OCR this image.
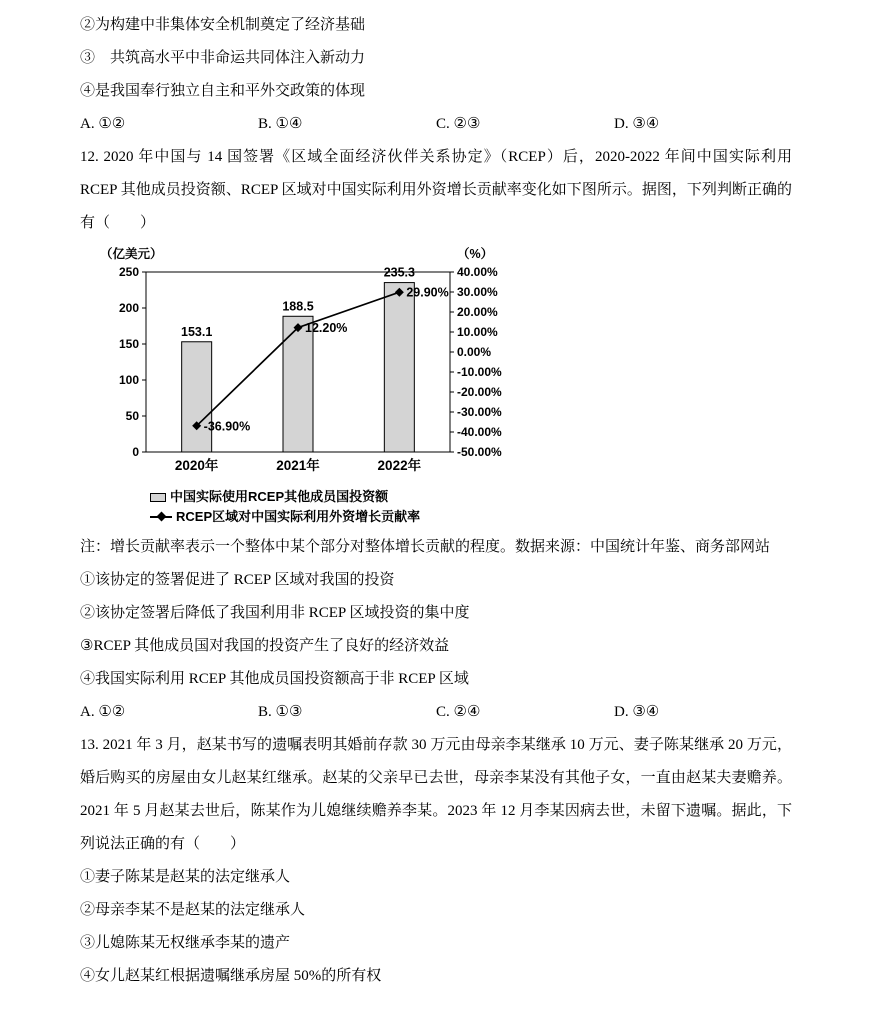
②为构建中非集体安全机制奠定了经济基础

③　共筑高水平中非命运共同体注入新动力

④是我国奉行独立自主和平外交政策的体现

A. ①②	B. ①④	C. ②③	D. ③④

12. 2020 年中国与 14 国签署《区域全面经济伙伴关系协定》（RCEP）后，2020-2022 年间中国实际利用 RCEP 其他成员投资额、RCEP 区域对中国实际利用外资增长贡献率变化如下图所示。据图，下列判断正确的有（　　）

0
50
100
150
200
250
-50.00%
-40.00%
-30.00%
-20.00%
-10.00%
0.00%
10.00%
20.00%
30.00%
40.00%
（亿美元）	（%）
153.1
188.5
235.3
-36.90%
12.20%
29.90%
2020年	2021年	2022年
中国实际使用RCEP其他成员国投资额
RCEP区域对中国实际利用外资增长贡献率

注：增长贡献率表示一个整体中某个部分对整体增长贡献的程度。数据来源：中国统计年鉴、商务部网站

①该协定的签署促进了 RCEP 区域对我国的投资

②该协定签署后降低了我国利用非 RCEP 区域投资的集中度

③RCEP 其他成员国对我国的投资产生了良好的经济效益

④我国实际利用 RCEP 其他成员国投资额高于非 RCEP 区域

A. ①②	B. ①③	C. ②④	D. ③④

13. 2021 年 3 月，赵某书写的遗嘱表明其婚前存款 30 万元由母亲李某继承 10 万元、妻子陈某继承 20 万元，婚后购买的房屋由女儿赵某红继承。赵某的父亲早已去世，母亲李某没有其他子女，一直由赵某夫妻赡养。2021 年 5 月赵某去世后，陈某作为儿媳继续赡养李某。2023 年 12 月李某因病去世，未留下遗嘱。据此，下列说法正确的有（　　）

①妻子陈某是赵某的法定继承人

②母亲李某不是赵某的法定继承人

③儿媳陈某无权继承李某的遗产

④女儿赵某红根据遗嘱继承房屋 50%的所有权
